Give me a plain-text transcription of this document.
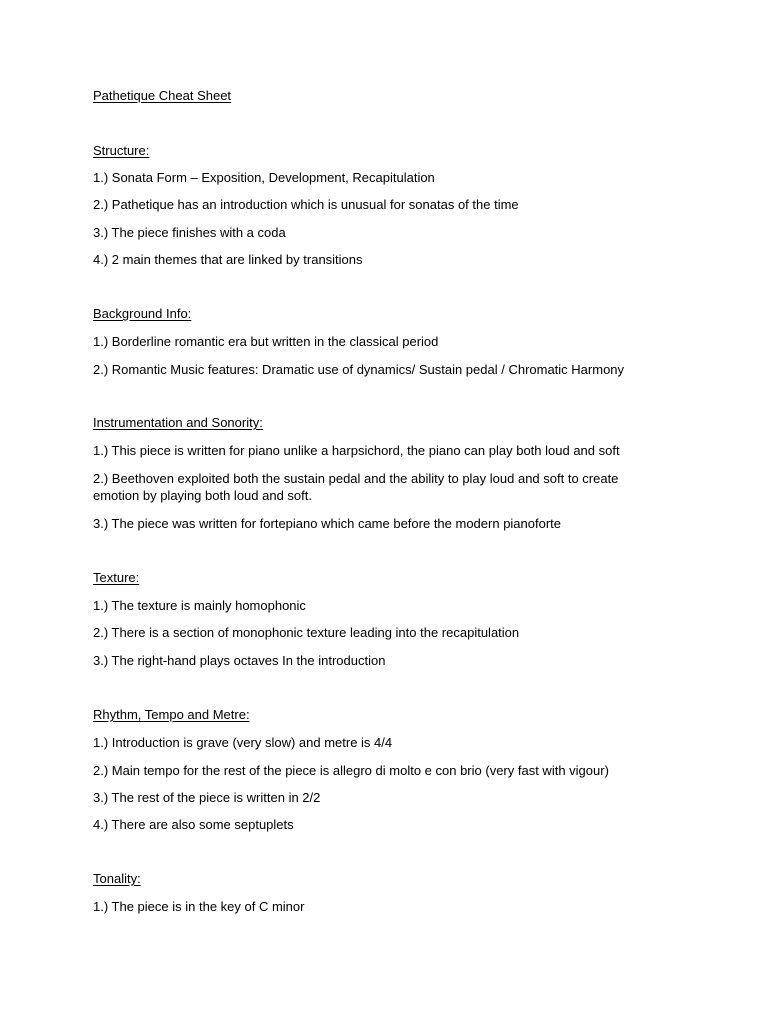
Pathetique Cheat Sheet

Structure:

1.) Sonata Form – Exposition, Development, Recapitulation

2.) Pathetique has an introduction which is unusual for sonatas of the time

3.) The piece finishes with a coda

4.) 2 main themes that are linked by transitions

Background Info:

1.) Borderline romantic era but written in the classical period

2.) Romantic Music features: Dramatic use of dynamics/ Sustain pedal / Chromatic Harmony

Instrumentation and Sonority:

1.) This piece is written for piano unlike a harpsichord, the piano can play both loud and soft

2.) Beethoven exploited both the sustain pedal and the ability to play loud and soft to create emotion by playing both loud and soft.

3.) The piece was written for fortepiano which came before the modern pianoforte

Texture:

1.) The texture is mainly homophonic

2.) There is a section of monophonic texture leading into the recapitulation

3.) The right-hand plays octaves In the introduction

Rhythm, Tempo and Metre:

1.) Introduction is grave (very slow) and metre is 4/4

2.) Main tempo for the rest of the piece is allegro di molto e con brio (very fast with vigour)

3.) The rest of the piece is written in 2/2

4.) There are also some septuplets

Tonality:

1.) The piece is in the key of C minor
